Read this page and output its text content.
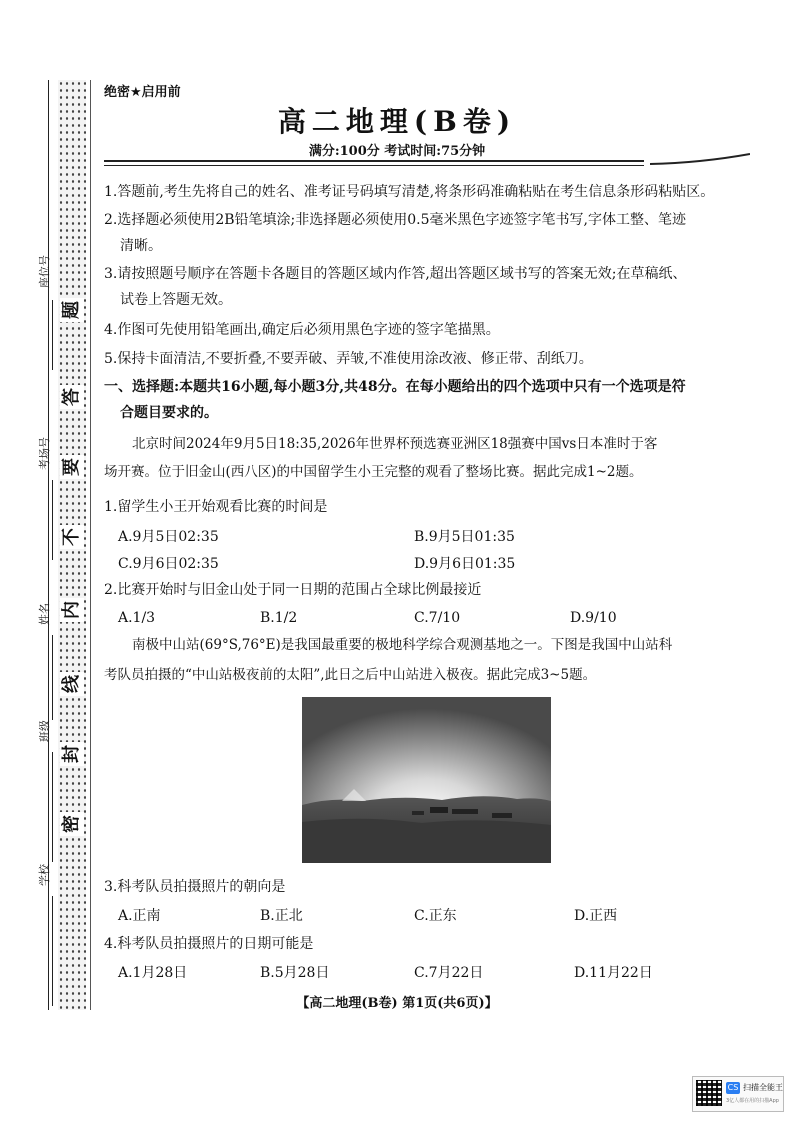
题
答
要
不
内
线
封
密
座位号
考场号
姓名
班级
学校
绝密★启用前
高二地理(B卷)
满分:100分 考试时间:75分钟
1.答题前,考生先将自己的姓名、准考证号码填写清楚,将条形码准确粘贴在考生信息条形码粘贴区。
2.选择题必须使用2B铅笔填涂;非选择题必须使用0.5毫米黑色字迹签字笔书写,字体工整、笔迹
清晰。
3.请按照题号顺序在答题卡各题目的答题区域内作答,超出答题区域书写的答案无效;在草稿纸、
试卷上答题无效。
4.作图可先使用铅笔画出,确定后必须用黑色字迹的签字笔描黑。
5.保持卡面清洁,不要折叠,不要弄破、弄皱,不准使用涂改液、修正带、刮纸刀。
一、选择题:本题共16小题,每小题3分,共48分。在每小题给出的四个选项中只有一个选项是符
合题目要求的。
北京时间2024年9月5日18:35,2026年世界杯预选赛亚洲区18强赛中国vs日本准时于客
场开赛。位于旧金山(西八区)的中国留学生小王完整的观看了整场比赛。据此完成1~2题。
1.留学生小王开始观看比赛的时间是
A.9月5日02:35	B.9月5日01:35
C.9月6日02:35	D.9月6日01:35
2.比赛开始时与旧金山处于同一日期的范围占全球比例最接近
A.1/3	B.1/2	C.7/10	D.9/10
南极中山站(69°S,76°E)是我国最重要的极地科学综合观测基地之一。下图是我国中山站科
考队员拍摄的“中山站极夜前的太阳”,此日之后中山站进入极夜。据此完成3~5题。
3.科考队员拍摄照片的朝向是
A.正南	B.正北	C.正东	D.正西
4.科考队员拍摄照片的日期可能是
A.1月28日	B.5月28日	C.7月22日	D.11月22日
【高二地理(B卷) 第1页(共6页)】
CS 扫描全能王
3亿人都在用的扫描App
